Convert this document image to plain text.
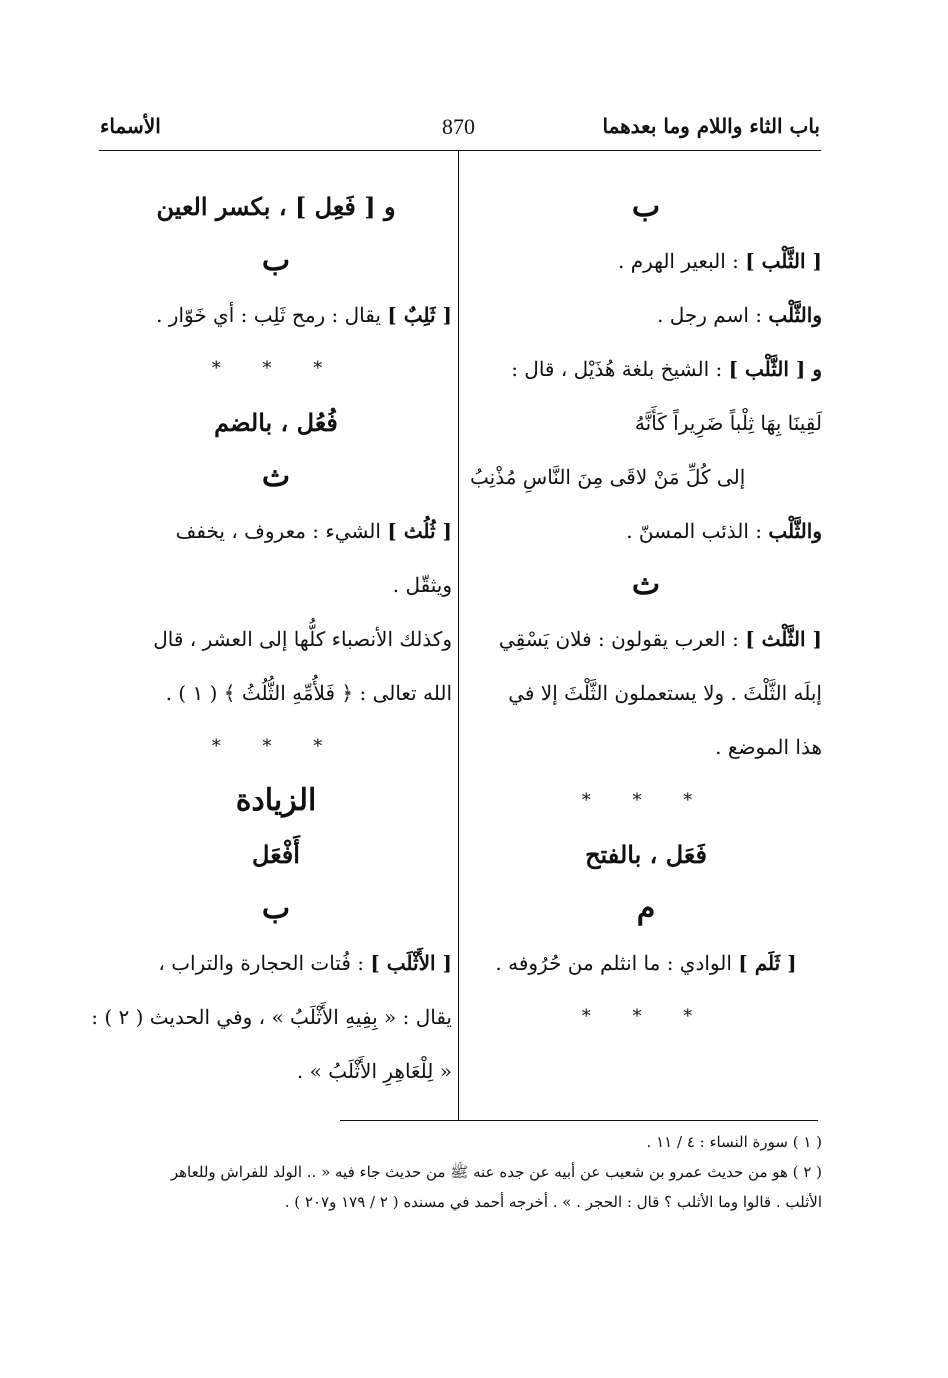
باب الثاء واللام وما بعدهما
870
الأسماء
ب
[ الثَّلْب ]

: البعير الهرم .
والثَّلْب

: اسم رجل .
و [ الثَّلْب ]

: الشيخ بلغة هُذَيْل ، قال :
لَقِينَا بِهَا ثِلْباً ضَرِيراً كَأَنَّهُ
إلى كُلِّ مَنْ لاقَى مِنَ النَّاسِ مُذْنِبُ
والثَّلْب

: الذئب المسنّ .
ث
[ الثَّلْث ]

: العرب يقولون : فلان يَسْقِي
إبلَه الثَّلْثَ . ولا يستعملون الثَّلْثَ إلا في
هذا الموضع .
* * *
فَعَل ، بالفتح
م
[ ثَلَم ]

الوادي : ما انثلم من حُرُوفه .
* * *
و [ فَعِل ] ، بكسر العين
ب
[ ثَلِبٌ ]

يقال : رمح ثَلِب : أي خَوّار .
* * *
فُعُل ، بالضم
ث
[ ثُلُث ]

الشيء : معروف ، يخفف
ويثقّل .
وكذلك الأنصباء كلُّها إلى العشر ، قال
الله تعالى : ﴿ فَلأُمِّهِ الثُّلُثُ ﴾ ( ١ ) .
* * *
الزيادة
أَفْعَل
ب
[ الأَثْلَب ]

: فُتات الحجارة والتراب ،
يقال : « بِفِيهِ الأَثْلَبُ » ، وفي الحديث ( ٢ ) :
« لِلْعَاهِرِ الأَثْلَبُ » .
( ١ ) سورة النساء : ٤ / ١١ .
( ٢ ) هو من حديث عمرو بن شعيب عن أبيه عن جده عنه ﷺ من حديث جاء فيه « .. الولد للفراش وللعاهر
الأثلب . قالوا وما الأثلب ؟ قال : الحجر . » . أخرجه أحمد في مسنده ( ٢ / ١٧٩ و٢٠٧ ) .
